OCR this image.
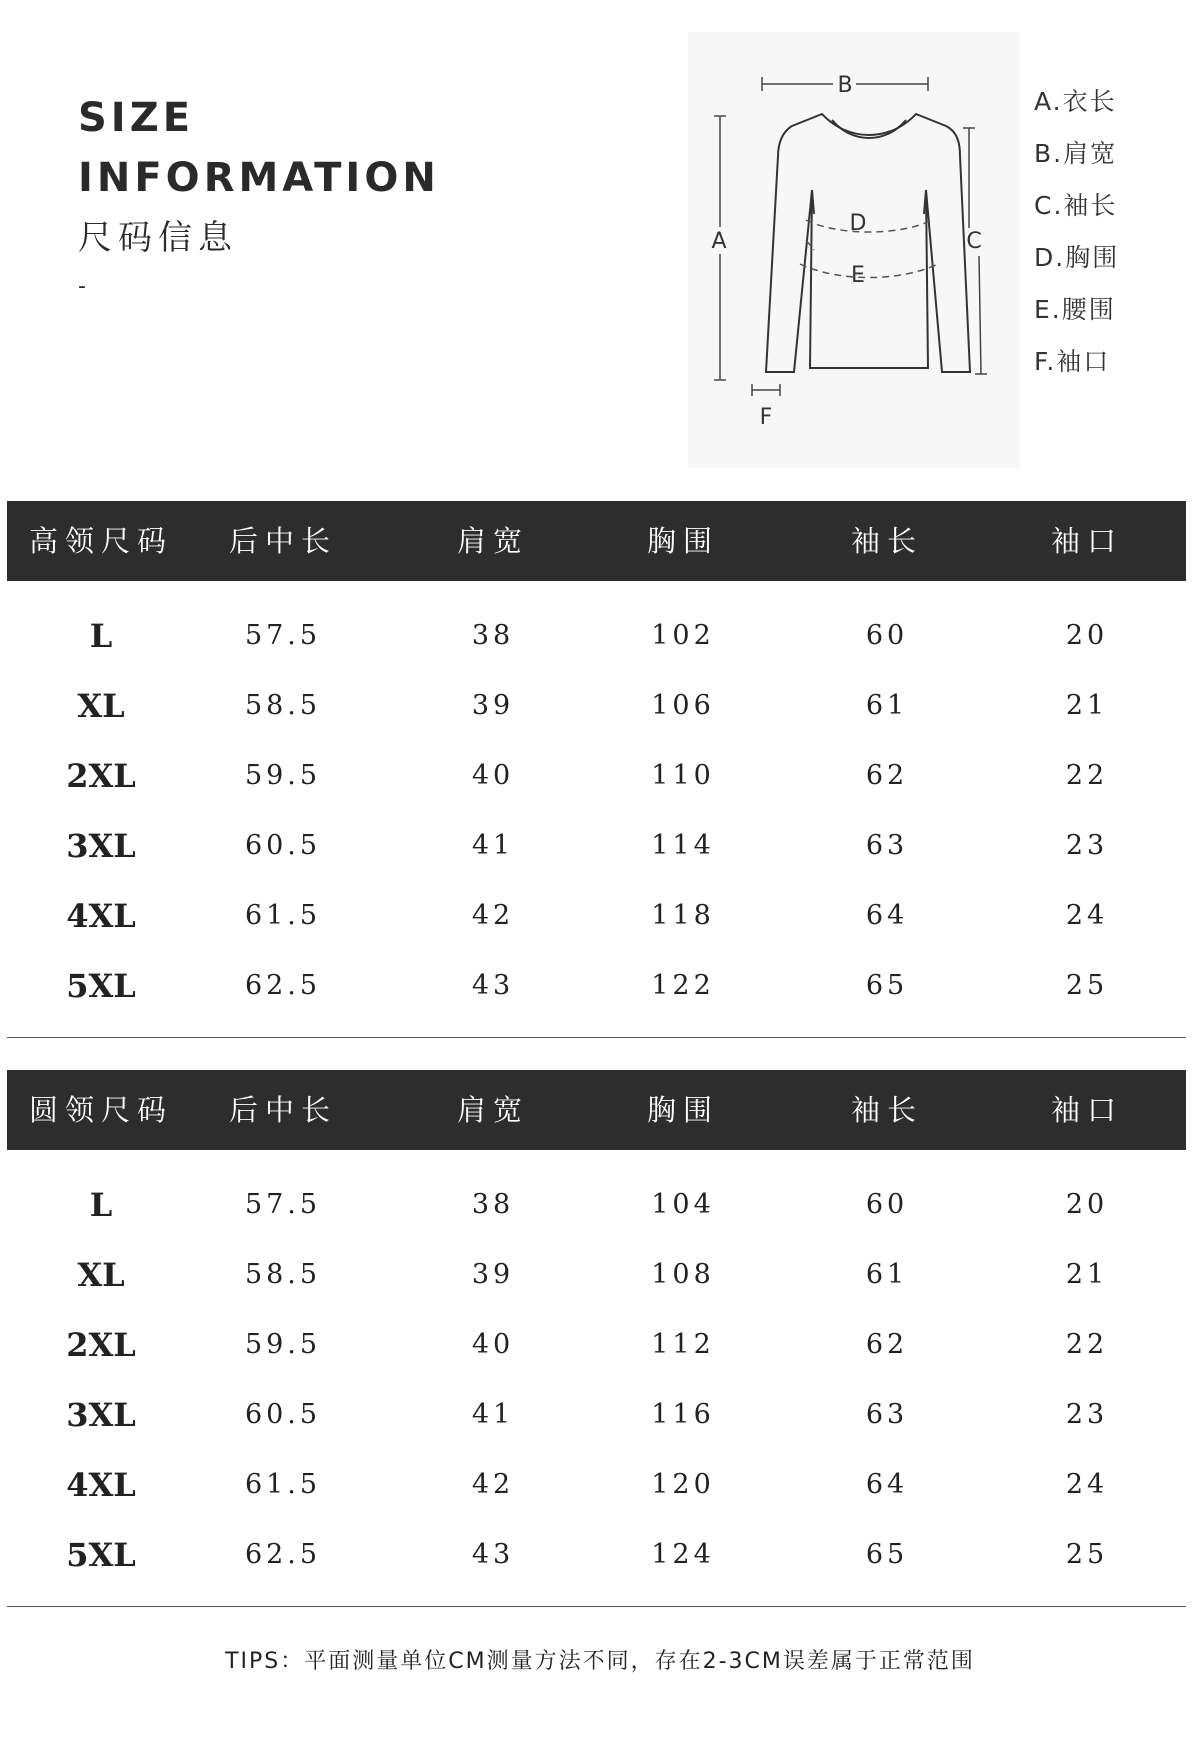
SIZE
INFORMATION
尺码信息
-
B
A	C
D
E
F
A.衣长
B.肩宽
C.袖长
D.胸围
E.腰围
F.袖口
高领尺码 后中长	肩宽	胸围	袖长	袖口
L	57.5	38	102	60	20
XL	58.5	39	106	61	21
2XL	59.5	40	110	62	22
3XL	60.5	41	114	63	23
4XL	61.5	42	118	64	24
5XL	62.5	43	122	65	25
圆领尺码 后中长	肩宽	胸围	袖长	袖口
L	57.5	38	104	60	20
XL	58.5	39	108	61	21
2XL	59.5	40	112	62	22
3XL	60.5	41	116	63	23
4XL	61.5	42	120	64	24
5XL	62.5	43	124	65	25
TIPS：平面测量单位CM测量方法不同，存在2-3CM误差属于正常范围
